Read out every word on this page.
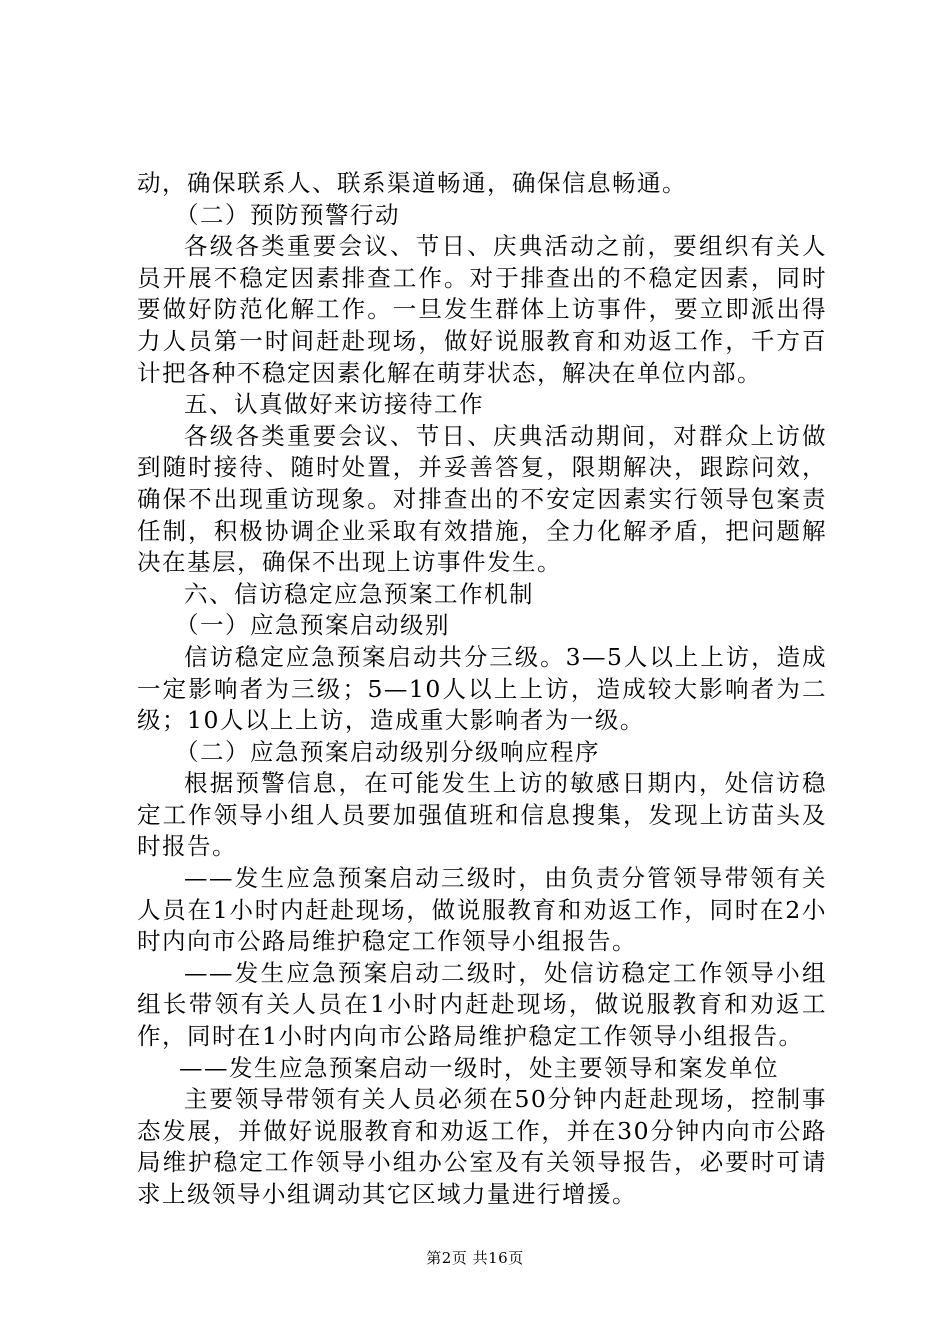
动，确保联系人、联系渠道畅通，确保信息畅通。

（二）预防预警行动

各级各类重要会议、节日、庆典活动之前，要组织有关人员开展不稳定因素排查工作。对于排查出的不稳定因素，同时要做好防范化解工作。一旦发生群体上访事件，要立即派出得力人员第一时间赶赴现场，做好说服教育和劝返工作，千方百计把各种不稳定因素化解在萌芽状态，解决在单位内部。

五、认真做好来访接待工作

各级各类重要会议、节日、庆典活动期间，对群众上访做到随时接待、随时处置，并妥善答复，限期解决，跟踪问效，确保不出现重访现象。对排查出的不安定因素实行领导包案责任制，积极协调企业采取有效措施，全力化解矛盾，把问题解决在基层，确保不出现上访事件发生。

六、信访稳定应急预案工作机制

（一）应急预案启动级别

信访稳定应急预案启动共分三级。3—5人以上上访，造成一定影响者为三级；5—10人以上上访，造成较大影响者为二级；10人以上上访，造成重大影响者为一级。

（二）应急预案启动级别分级响应程序

根据预警信息，在可能发生上访的敏感日期内，处信访稳定工作领导小组人员要加强值班和信息搜集，发现上访苗头及时报告。

——发生应急预案启动三级时，由负责分管领导带领有关人员在1小时内赶赴现场，做说服教育和劝返工作，同时在2小时内向市公路局维护稳定工作领导小组报告。

——发生应急预案启动二级时，处信访稳定工作领导小组组长带领有关人员在1小时内赶赴现场，做说服教育和劝返工作，同时在1小时内向市公路局维护稳定工作领导小组报告。

——发生应急预案启动一级时，处主要领导和案发单位

主要领导带领有关人员必须在50分钟内赶赴现场，控制事态发展，并做好说服教育和劝返工作，并在30分钟内向市公路局维护稳定工作领导小组办公室及有关领导报告，必要时可请求上级领导小组调动其它区域力量进行增援。

第2页 共16页
